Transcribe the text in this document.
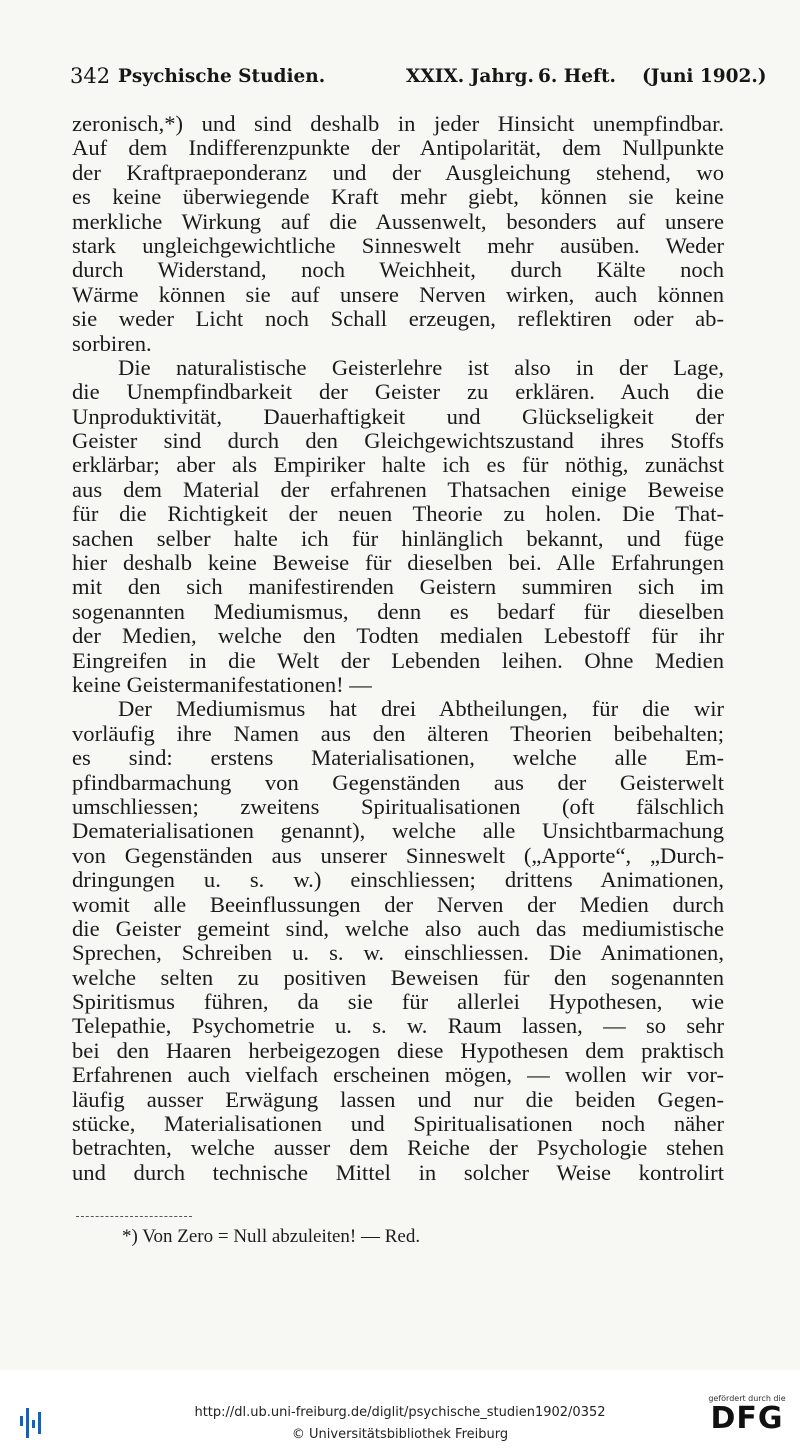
342 Psychische Studien.	XXIX. Jahrg. 6. Heft. (Juni 1902.)
zeronisch,*) und sind deshalb in jeder Hinsicht unempfindbar.
Auf dem Indifferenzpunkte der Antipolarität, dem Nullpunkte
der Kraftpraeponderanz und der Ausgleichung stehend, wo
es keine überwiegende Kraft mehr giebt, können sie keine
merkliche Wirkung auf die Aussenwelt, besonders auf unsere
stark ungleichgewichtliche Sinneswelt mehr ausüben. Weder
durch Widerstand, noch Weichheit, durch Kälte noch
Wärme können sie auf unsere Nerven wirken, auch können
sie weder Licht noch Schall erzeugen, reflektiren oder ab-
sorbiren.
Die naturalistische Geisterlehre ist also in der Lage,
die Unempfindbarkeit der Geister zu erklären. Auch die
Unproduktivität, Dauerhaftigkeit und Glückseligkeit der
Geister sind durch den Gleichgewichtszustand ihres Stoffs
erklärbar; aber als Empiriker halte ich es für nöthig, zunächst
aus dem Material der erfahrenen Thatsachen einige Beweise
für die Richtigkeit der neuen Theorie zu holen. Die That-
sachen selber halte ich für hinlänglich bekannt, und füge
hier deshalb keine Beweise für dieselben bei. Alle Erfahrungen
mit den sich manifestirenden Geistern summiren sich im
sogenannten Mediumismus, denn es bedarf für dieselben
der Medien, welche den Todten medialen Lebestoff für ihr
Eingreifen in die Welt der Lebenden leihen. Ohne Medien
keine Geistermanifestationen! —
Der Mediumismus hat drei Abtheilungen, für die wir
vorläufig ihre Namen aus den älteren Theorien beibehalten;
es sind: erstens Materialisationen, welche alle Em-
pfindbarmachung von Gegenständen aus der Geisterwelt
umschliessen; zweitens Spiritualisationen (oft fälschlich
Dematerialisationen genannt), welche alle Unsichtbarmachung
von Gegenständen aus unserer Sinneswelt („Apporte“, „Durch-
dringungen u. s. w.) einschliessen; drittens Animationen,
womit alle Beeinflussungen der Nerven der Medien durch
die Geister gemeint sind, welche also auch das mediumistische
Sprechen, Schreiben u. s. w. einschliessen. Die Animationen,
welche selten zu positiven Beweisen für den sogenannten
Spiritismus führen, da sie für allerlei Hypothesen, wie
Telepathie, Psychometrie u. s. w. Raum lassen, — so sehr
bei den Haaren herbeigezogen diese Hypothesen dem praktisch
Erfahrenen auch vielfach erscheinen mögen, — wollen wir vor-
läufig ausser Erwägung lassen und nur die beiden Gegen-
stücke, Materialisationen und Spiritualisationen noch näher
betrachten, welche ausser dem Reiche der Psychologie stehen
und durch technische Mittel in solcher Weise kontrolirt
*) Von Zero = Null abzuleiten! — Red.
http://dl.ub.uni-freiburg.de/diglit/psychische_studien1902/0352
© Universitätsbibliothek Freiburg
gefördert durch die
DFG
